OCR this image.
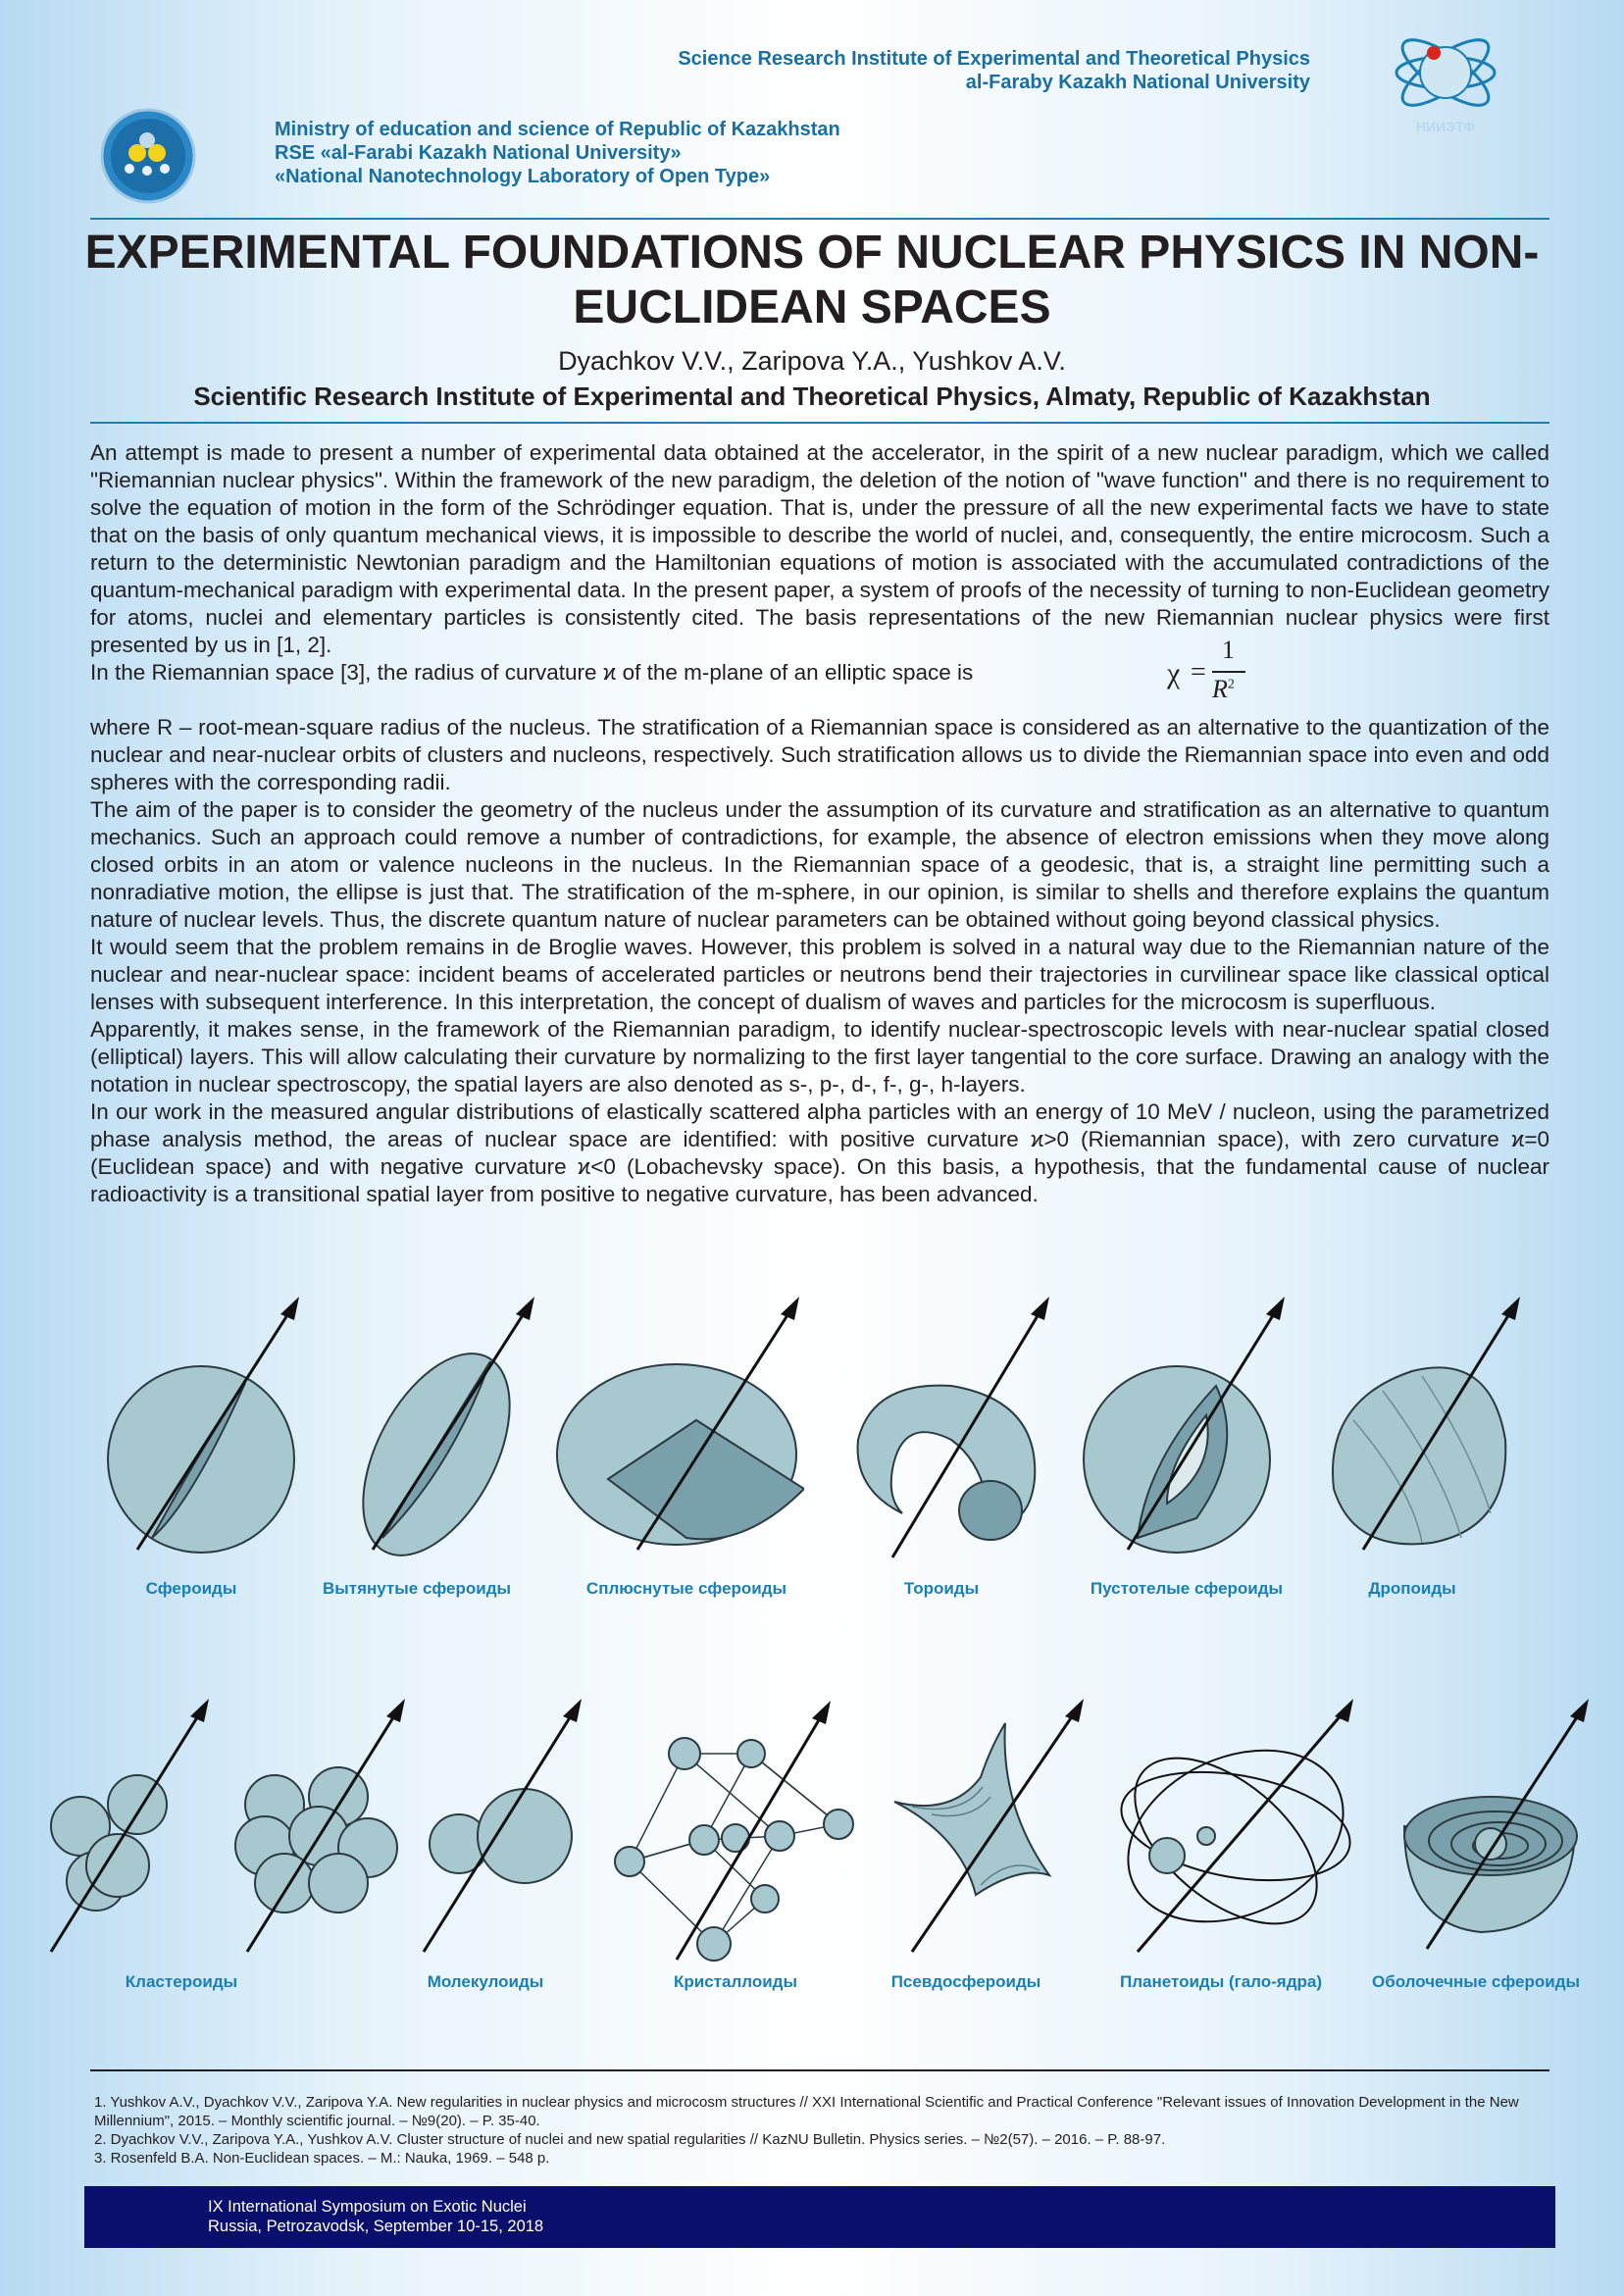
НИИЭТФ
Science Research Institute of Experimental and Theoretical Physics
al-Faraby Kazakh National University
Ministry of education and science of Republic of Kazakhstan
RSE «al-Farabi Kazakh National University»
«National Nanotechnology Laboratory of Open Type»
EXPERIMENTAL FOUNDATIONS OF NUCLEAR PHYSICS IN NON-EUCLIDEAN SPACES
Dyachkov V.V., Zaripova Y.A., Yushkov A.V.
Scientific Research Institute of Experimental and Theoretical Physics, Almaty, Republic of Kazakhstan

An attempt is made to present a number of experimental data obtained at the accelerator, in the spirit of a new nuclear paradigm, which we called "Riemannian nuclear physics". Within the framework of the new paradigm, the deletion of the notion of "wave function" and there is no requirement to solve the equation of motion in the form of the Schrödinger equation. That is, under the pressure of all the new experimental facts we have to state that on the basis of only quantum mechanical views, it is impossible to describe the world of nuclei, and, consequently, the entire microcosm. Such a return to the deterministic Newtonian paradigm and the Hamiltonian equations of motion is associated with the accumulated contradictions of the quantum-mechanical paradigm with experimental data. In the present paper, a system of proofs of the necessity of turning to non-Euclidean geometry for atoms, nuclei and elementary particles is consistently cited. The basis representations of the new Riemannian nuclear physics were first presented by us in [1, 2].

In the Riemannian space [3], the radius of curvature ϰ of the m-plane of an elliptic space is	χ =
1
$R^2$

where R – root-mean-square radius of the nucleus. The stratification of a Riemannian space is considered as an alternative to the quantization of the nuclear and near-nuclear orbits of clusters and nucleons, respectively. Such stratification allows us to divide the Riemannian space into even and odd spheres with the corresponding radii.

The aim of the paper is to consider the geometry of the nucleus under the assumption of its curvature and stratification as an alternative to quantum mechanics. Such an approach could remove a number of contradictions, for example, the absence of electron emissions when they move along closed orbits in an atom or valence nucleons in the nucleus. In the Riemannian space of a geodesic, that is, a straight line permitting such a nonradiative motion, the ellipse is just that. The stratification of the m-sphere, in our opinion, is similar to shells and therefore explains the quantum nature of nuclear levels. Thus, the discrete quantum nature of nuclear parameters can be obtained without going beyond classical physics.

It would seem that the problem remains in de Broglie waves. However, this problem is solved in a natural way due to the Riemannian nature of the nuclear and near-nuclear space: incident beams of accelerated particles or neutrons bend their trajectories in curvilinear space like classical optical lenses with subsequent interference. In this interpretation, the concept of dualism of waves and particles for the microcosm is superfluous.

Apparently, it makes sense, in the framework of the Riemannian paradigm, to identify nuclear-spectroscopic levels with near-nuclear spatial closed (elliptical) layers. This will allow calculating their curvature by normalizing to the first layer tangential to the core surface. Drawing an analogy with the notation in nuclear spectroscopy, the spatial layers are also denoted as s-, p-, d-, f-, g-, h-layers.

In our work in the measured angular distributions of elastically scattered alpha particles with an energy of 10 MeV / nucleon, using the parametrized phase analysis method, the areas of nuclear space are identified: with positive curvature ϰ>0 (Riemannian space), with zero curvature ϰ=0 (Euclidean space) and with negative curvature ϰ<0 (Lobachevsky space). On this basis, a hypothesis, that the fundamental cause of nuclear radioactivity is a transitional spatial layer from positive to negative curvature, has been advanced.

Сфероиды	Вытянутые сфероиды	Сплюснутые сфероиды	Тороиды	Пустотелые сфероиды	Дропоиды
Кластероиды	Молекулоиды	Кристаллоиды	Псевдосфероиды	Планетоиды (гало-ядра)	Оболочечные сфероиды
1. Yushkov A.V., Dyachkov V.V., Zaripova Y.A. New regularities in nuclear physics and microcosm structures // XXI International Scientific and Practical Conference "Relevant issues of Innovation Development in the New Millennium", 2015. – Monthly scientific journal. – №9(20). – P. 35-40.
2. Dyachkov V.V., Zaripova Y.A., Yushkov A.V. Cluster structure of nuclei and new spatial regularities // KazNU Bulletin. Physics series. – №2(57). – 2016. – P. 88-97.
3. Rosenfeld B.A. Non-Euclidean spaces. – M.: Nauka, 1969. – 548 p.
IX International Symposium on Exotic Nuclei
Russia, Petrozavodsk, September 10-15, 2018
